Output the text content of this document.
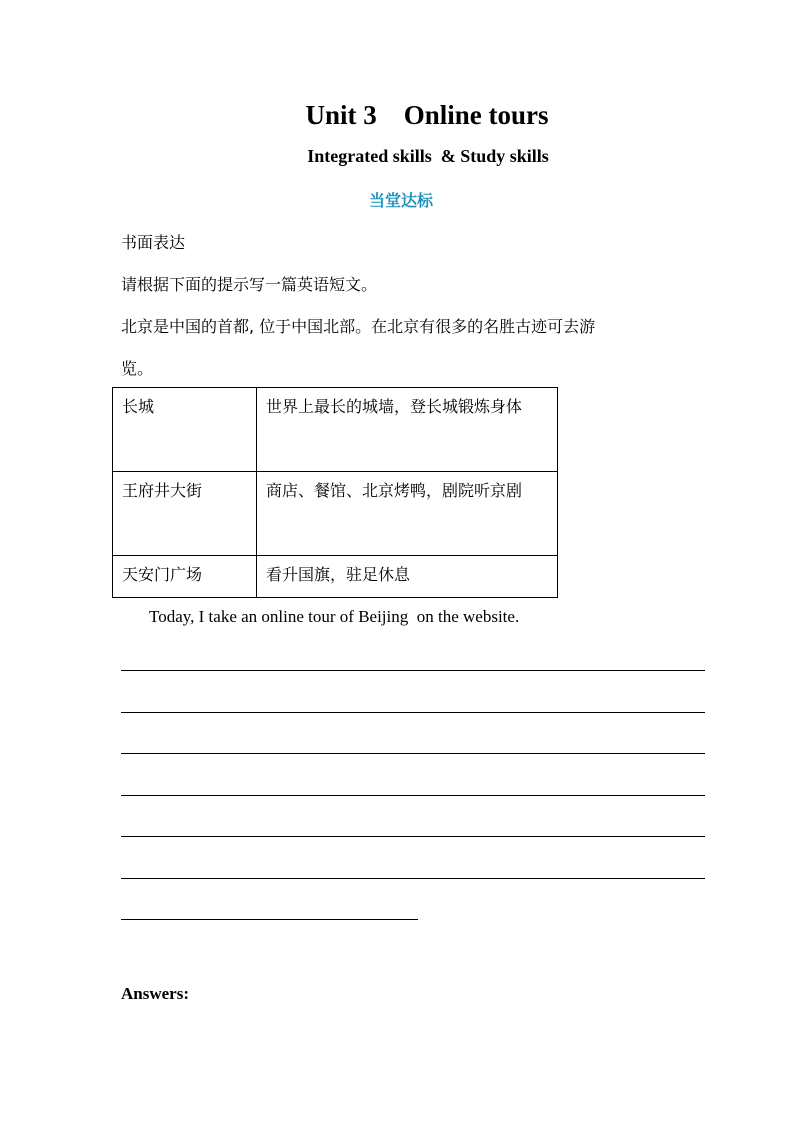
Unit 3    Online tours
Integrated skills  & Study skills
当堂达标
书面表达
请根据下面的提示写一篇英语短文。
北京是中国的首都, 位于中国北部。在北京有很多的名胜古迹可去游
览。
长城	世界上最长的城墙，登长城锻炼身体

王府井大街	商店、餐馆、北京烤鸭，剧院听京剧

天安门广场	看升国旗，驻足休息
Today, I take an online tour of Beijing  on the website.
Answers:
